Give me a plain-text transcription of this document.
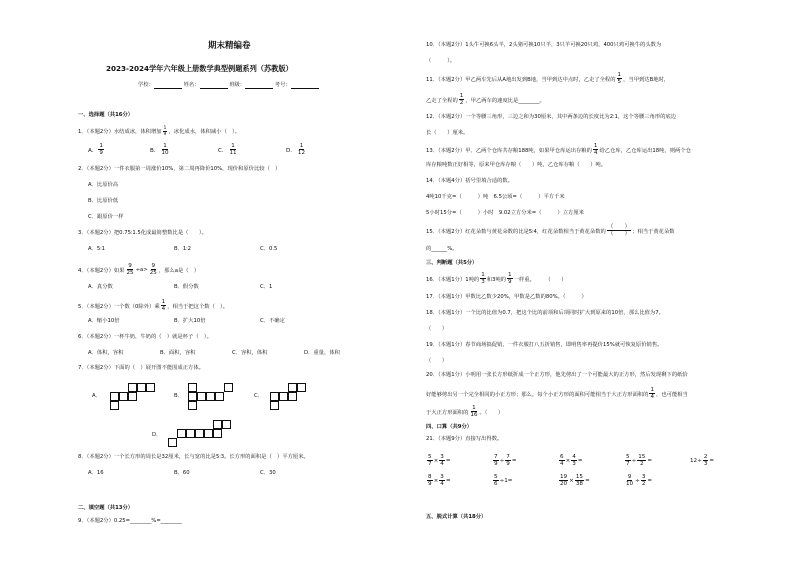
期末精编卷
2023-2024学年六年级上册数学典型例题系列（苏教版）
学校：	姓名：	班级：	考号：
一、选择题（共16分）
1．（本题2分）水结成冰，体积增加 $\frac{1}{9}$ ，冰化成水，体积减小（　）。
A．
1
9	B．
1
10	C．
1
11	D．
1
12
2．（本题2分）一件衣服第一周涨价10%，第二周再降价10%，现价和原价比较（　）
A．比原价高
B．比原价低
C．跟原价一样
3．（本题2分）把0.75∶1.5化成最简整数比是（　　）。
A．5∶1	B．1∶2	C．0.5
4．（本题2分）如果
9
25
÷a>
9
25 ，那么a是（　）
A．真分数	B．假分数	C．1
5．（本题2分）一个数（0除外）乘
1
4 ，相当于把这个数（　）。
A．缩小10倍	B．扩大10倍	C．不确定
6．（本题2分）一杯牛奶，牛奶的（　）就是杯子（　）。
A．体积，容积	B．面积，容积	C．容积，体积	D．重量，体积
7．（本题2分）下面的（　）展开图不能围成正方体。
A．	B．	C．
D．
8．（本题2分）一个长方形的周长是32厘米，长与宽的比是5∶3。长方形的面积是（　）平方厘米。
A．16	B．60	C．30
二、填空题（共13分）
9．（本题2分）0.25=________%=________
10．（本题2分）1头牛可换6头羊，2头猪可换10只羊，3只羊可换20只鸡，400只鸡可换牛的头数为
（　　　）。
11．（本题2分）甲乙两车先后从A地出发到B地，当甲到达中点时，乙走了全程的
1
5 ，当甲到达B地时，
乙走了全程的
1
2 ，甲乙两车的速度比是________。
12．（本题2分）一个等腰三角形，三边之和为30厘米，其中两条边的长度比为2∶1，这个等腰三角形的底边
长（　　）厘米。
13．（本题2分）甲、乙两个仓库共存粮188吨，如果甲仓库运出存粮的
1
4 给乙仓库，乙仓库运出18吨，则两个仓
库存粮吨数正好相等，原来甲仓库存粮（　　）吨，乙仓库存粮（　　）吨。
14．（本题4分）括号里填合适的数。
4吨10千克=（　　　）吨　6.5公顷=（　　　）平方千米
5小时15分=（　　　）小时　9.02立方分米=（　　　）立方厘米
15．（本题2分）红花朵数与黄花朵数的比是5∶4，红花朵数相当于黄花朵数的
（　　）
（　　） ；相当于黄花朵数
的______%。
三、判断题（共5分）
16．（本题1分）1吨的
1
3 和3吨的
1
9 一样重。　　　（　　）
17．（本题1分）甲数比乙数少20%，甲数是乙数的80%。（　　　）
18．（本题1分）一个比的比值为0.7，把这个比的前项和后项同时扩大到原来的10倍，那么比值为7。
（　　）
19．（本题1分）春节商场搞促销，一件衣服打八五折销售，即明售率再提价15%就可恢复原价销售。
（　　）
20．（本题1分）小明用一张长方形纸折成一个正方形，他先剪出了一个可能最大的正方形，然后发现剩下的纸恰
好能够剪出另一个完全相同的小正方形；那么，每个小正方形的面积可能相当于大正方形面积的
1
4 ，也可能相当
于大正方形面积的
1
16 。（　　）
四、口算（共9分）
21．（本题9分）直接写出得数。
$\frac{5}{7} \times \frac{3}{4}$ =	$\frac{7}{9} \div \frac{7}{9}$ =	$\frac{6}{4} \times \frac{4}{3}$ =	$\frac{5}{7} \div \frac{15}{2}$ =	$12\div \frac{2}{3}$ =
$\frac{8}{9} \times \frac{3}{4}$ =	$\frac{5}{6} \div 1=$	$\frac{19}{20} \times \frac{15}{38}$ =	$\frac{9}{10} \div \frac{3}{2}$ =
五、脱式计算（共18分）
